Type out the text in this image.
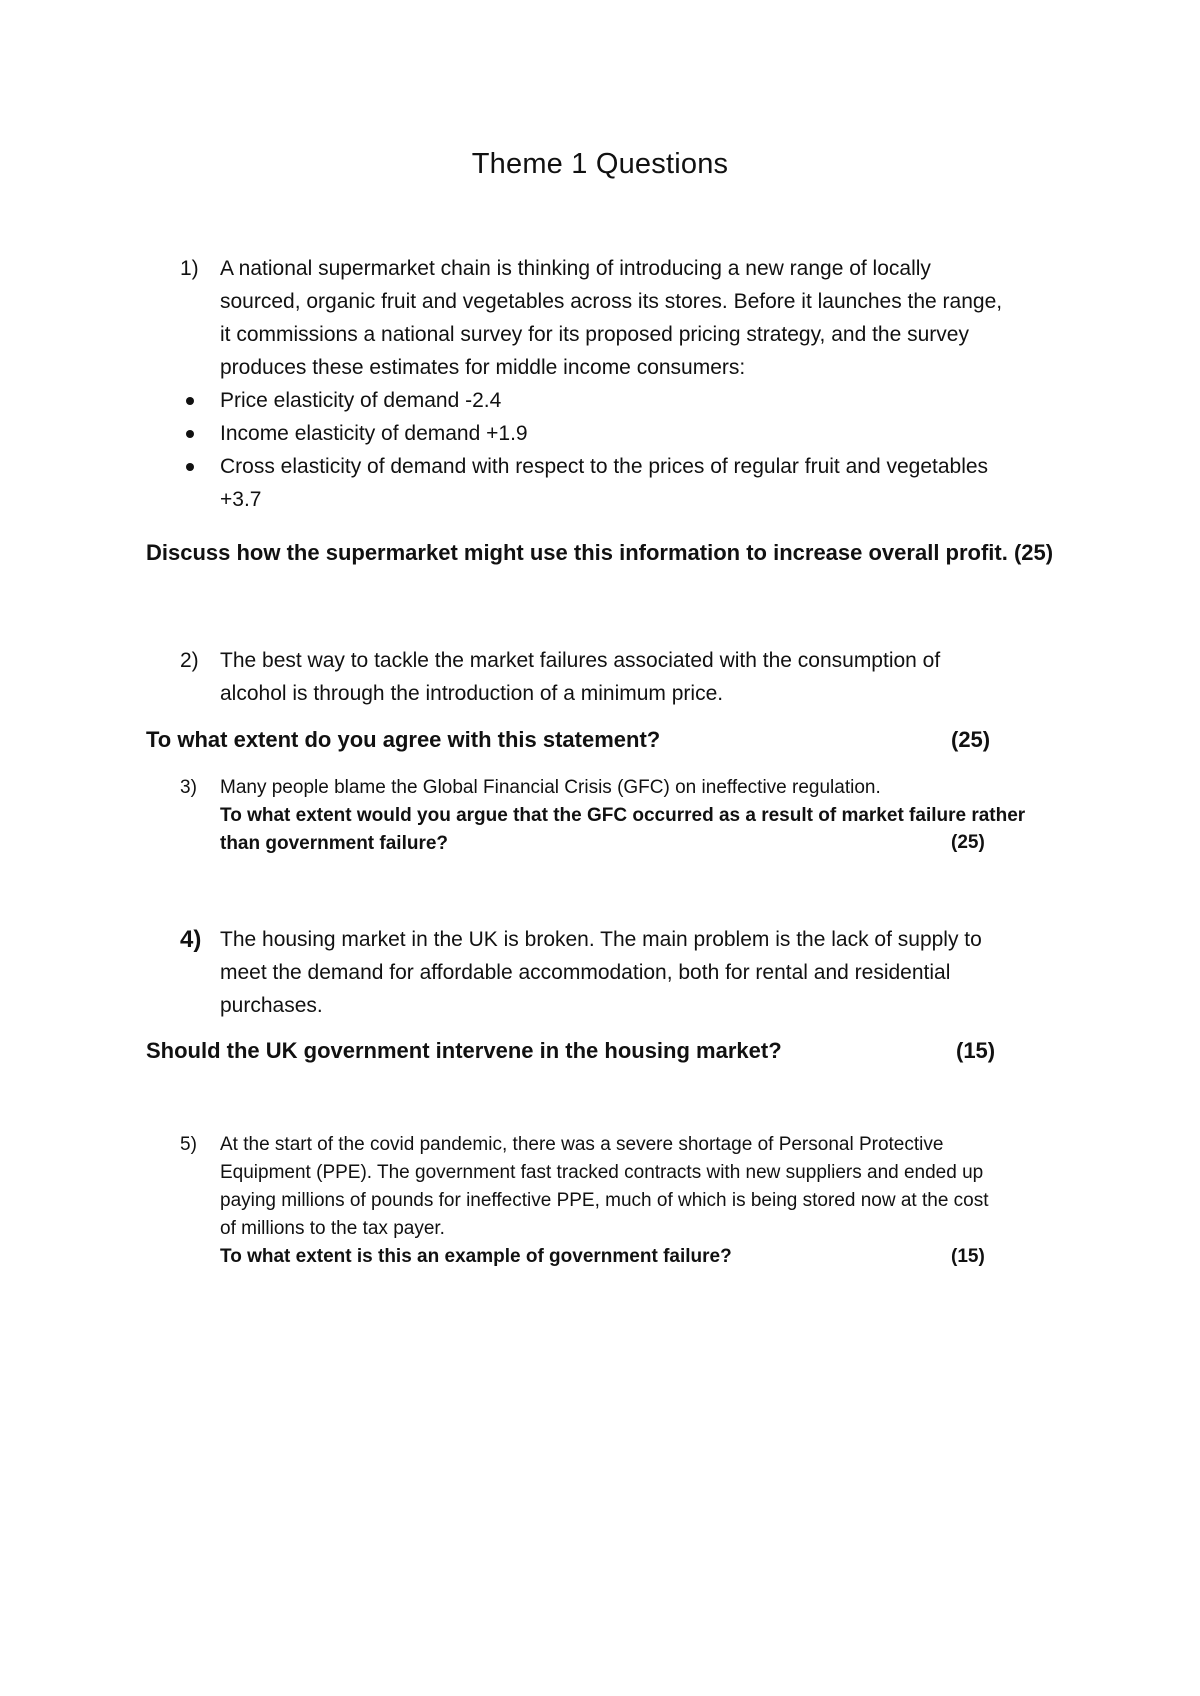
Theme 1 Questions
1) A national supermarket chain is thinking of introducing a new range of locally
sourced, organic fruit and vegetables across its stores. Before it launches the range,
it commissions a national survey for its proposed pricing strategy, and the survey
produces these estimates for middle income consumers:
Price elasticity of demand -2.4
Income elasticity of demand +1.9
Cross elasticity of demand with respect to the prices of regular fruit and vegetables
+3.7
Discuss how the supermarket might use this information to increase overall profit. (25)
2) The best way to tackle the market failures associated with the consumption of
alcohol is through the introduction of a minimum price.
To what extent do you agree with this statement?	(25)
3) Many people blame the Global Financial Crisis (GFC) on ineffective regulation.
To what extent would you argue that the GFC occurred as a result of market failure rather
than government failure?	(25)
4) The housing market in the UK is broken. The main problem is the lack of supply to
meet the demand for affordable accommodation, both for rental and residential
purchases.
Should the UK government intervene in the housing market?	(15)
5) At the start of the covid pandemic, there was a severe shortage of Personal Protective
Equipment (PPE). The government fast tracked contracts with new suppliers and ended up
paying millions of pounds for ineffective PPE, much of which is being stored now at the cost
of millions to the tax payer.
To what extent is this an example of government failure?	(15)
